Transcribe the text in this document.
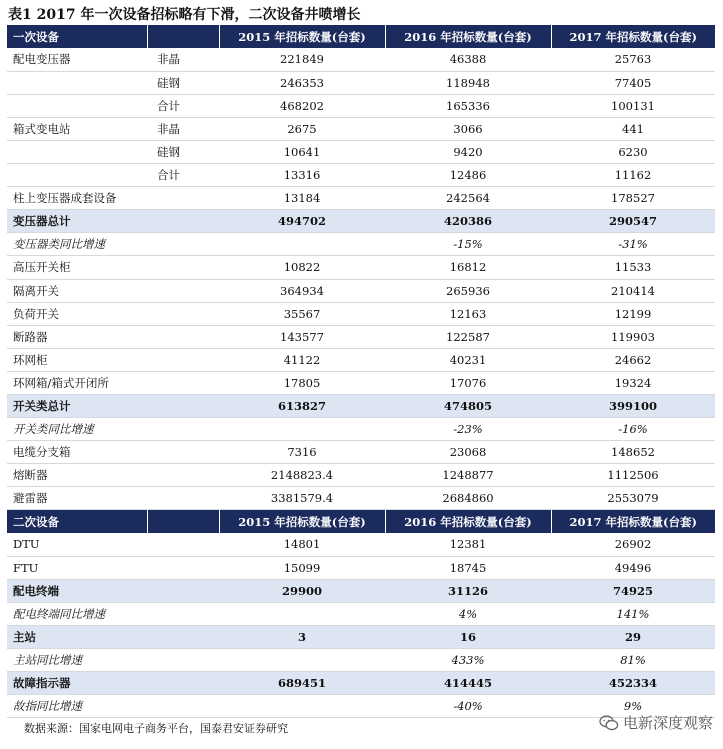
表1 2017 年一次设备招标略有下滑，二次设备井喷增长
一次设备		2015 年招标数量(台套)	2016 年招标数量(台套)	2017 年招标数量(台套)
配电变压器	非晶	221849	46388	25763
	硅钢	246353	118948	77405
	合计	468202	165336	100131
箱式变电站	非晶	2675	3066	441
	硅钢	10641	9420	6230
	合计	13316	12486	11162
柱上变压器成套设备		13184	242564	178527
变压器总计		494702	420386	290547
变压器类同比增速			-15%	-31%
高压开关柜		10822	16812	11533
隔离开关		364934	265936	210414
负荷开关		35567	12163	12199
断路器		143577	122587	119903
环网柜		41122	40231	24662
环网箱/箱式开闭所		17805	17076	19324
开关类总计		613827	474805	399100
开关类同比增速			-23%	-16%
电缆分支箱		7316	23068	148652
熔断器		2148823.4	1248877	1112506
避雷器		3381579.4	2684860	2553079
二次设备		2015 年招标数量(台套)	2016 年招标数量(台套)	2017 年招标数量(台套)
DTU		14801	12381	26902
FTU		15099	18745	49496
配电终端		29900	31126	74925
配电终端同比增速			4%	141%
主站		3	16	29
主站同比增速			433%	81%
故障指示器		689451	414445	452334
故指同比增速			-40%	9%
数据来源：国家电网电子商务平台，国泰君安证券研究	电新深度观察
